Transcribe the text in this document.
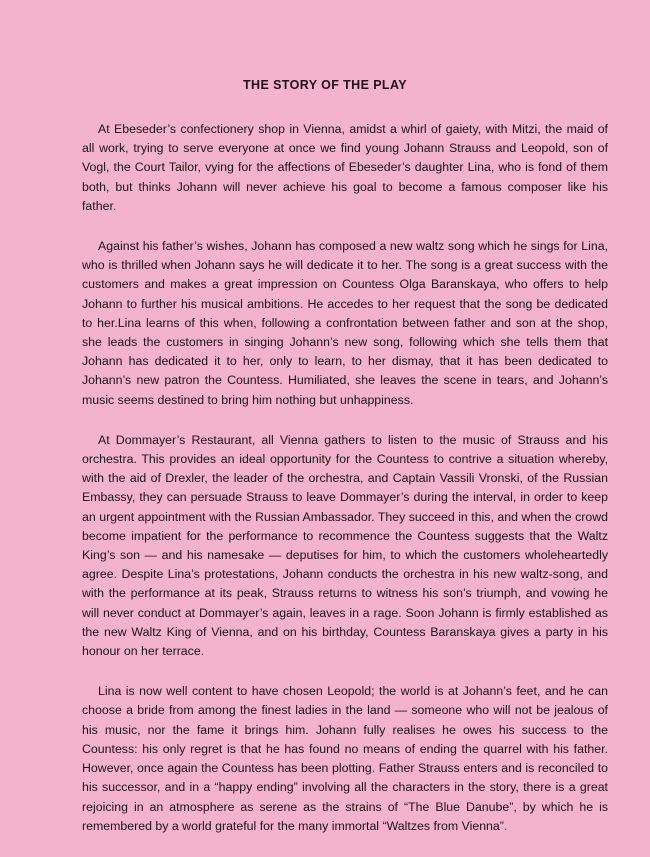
THE STORY OF THE PLAY

At Ebeseder’s confectionery shop in Vienna, amidst a whirl of gaiety, with Mitzi, the maid of all work, trying to serve everyone at once we find young Johann Strauss and Leopold, son of Vogl, the Court Tailor, vying for the affections of Ebeseder’s daughter Lina, who is fond of them both, but thinks Johann will never achieve his goal to become a famous composer like his father.

Against his father’s wishes, Johann has composed a new waltz song which he sings for Lina, who is thrilled when Johann says he will dedicate it to her. The song is a great success with the customers and makes a great impression on Countess Olga Baranskaya, who offers to help Johann to further his musical ambitions. He accedes to her request that the song be dedicated to her.Lina learns of this when, following a confrontation between father and son at the shop, she leads the customers in singing Johann’s new song, following which she tells them that Johann has dedicated it to her, only to learn, to her dismay, that it has been dedicated to Johann’s new patron the Countess. Humiliated, she leaves the scene in tears, and Johann’s music seems destined to bring him nothing but unhappiness.

At Dommayer’s Restaurant, all Vienna gathers to listen to the music of Strauss and his orchestra. This provides an ideal opportunity for the Countess to contrive a situation whereby, with the aid of Drexler, the leader of the orchestra, and Captain Vassili Vronski, of the Russian Embassy, they can persuade Strauss to leave Dommayer’s during the interval, in order to keep an urgent appointment with the Russian Ambassador. They succeed in this, and when the crowd become impatient for the performance to recommence the Countess suggests that the Waltz King’s son — and his namesake — deputises for him, to which the customers wholeheartedly agree. Despite Lina’s protestations, Johann conducts the orchestra in his new waltz-song, and with the performance at its peak, Strauss returns to witness his son’s triumph, and vowing he will never conduct at Dommayer’s again, leaves in a rage. Soon Johann is firmly established as the new Waltz King of Vienna, and on his birthday, Countess Baranskaya gives a party in his honour on her terrace.

Lina is now well content to have chosen Leopold; the world is at Johann’s feet, and he can choose a bride from among the finest ladies in the land — someone who will not be jealous of his music, nor the fame it brings him. Johann fully realises he owes his success to the Countess: his only regret is that he has found no means of ending the quarrel with his father. However, once again the Countess has been plotting. Father Strauss enters and is reconciled to his successor, and in a “happy ending” involving all the characters in the story, there is a great rejoicing in an atmosphere as serene as the strains of “The Blue Danube”, by which he is remembered by a world grateful for the many immortal “Waltzes from Vienna”.
